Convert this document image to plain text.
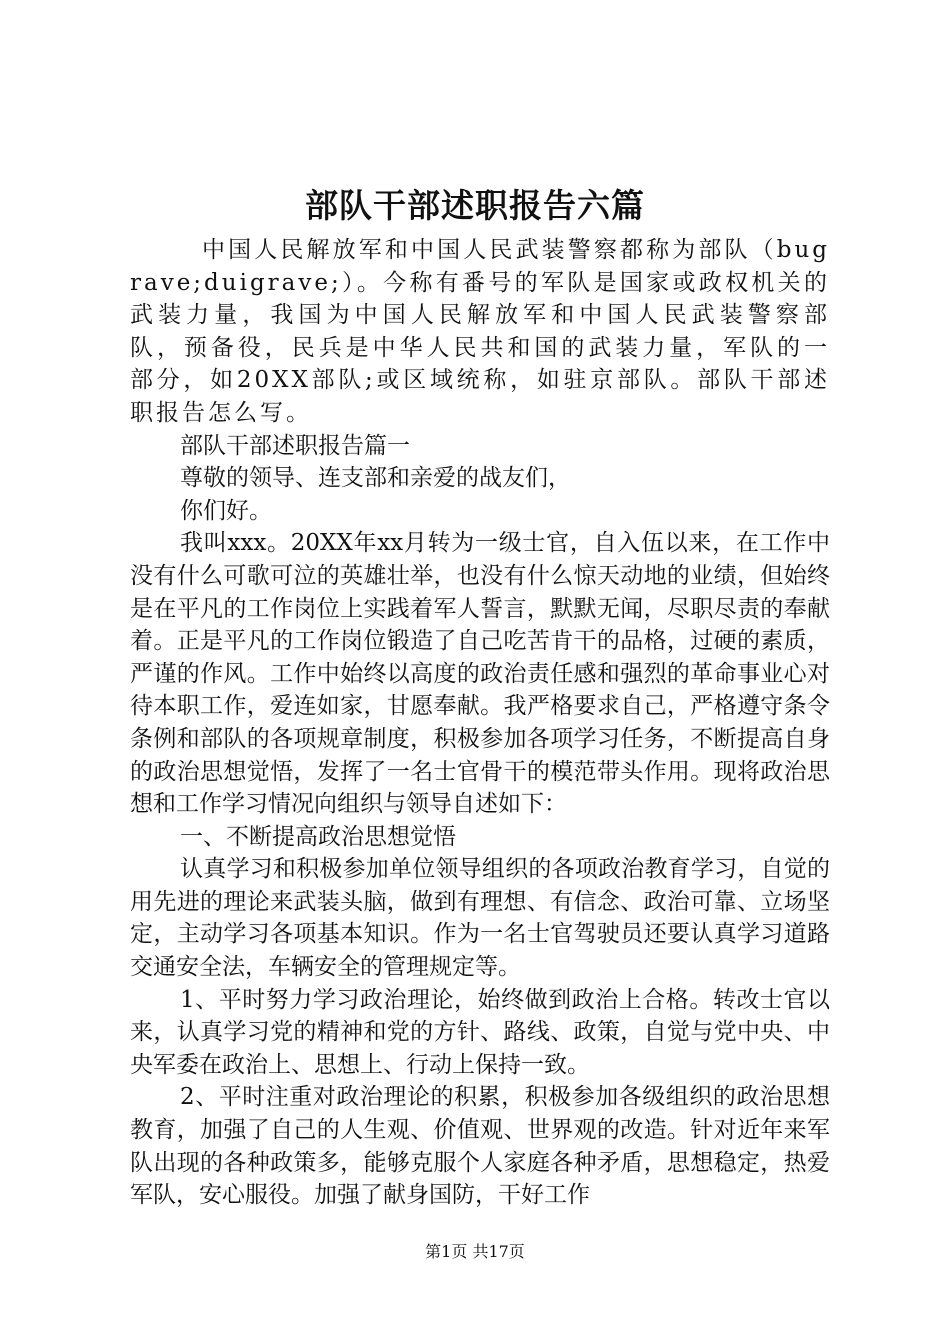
部队干部述职报告六篇

中国人民解放军和中国人民武装警察都称为部队（bugrave;duigrave;）。今称有番号的军队是国家或政权机关的武装力量，我国为中国人民解放军和中国人民武装警察部队，预备役，民兵是中华人民共和国的武装力量，军队的一部分，如20XX部队;或区域统称，如驻京部队。部队干部述职报告怎么写。

部队干部述职报告篇一

尊敬的领导、连支部和亲爱的战友们，

你们好。

我叫xxx。20XX年xx月转为一级士官，自入伍以来，在工作中没有什么可歌可泣的英雄壮举，也没有什么惊天动地的业绩，但始终是在平凡的工作岗位上实践着军人誓言，默默无闻，尽职尽责的奉献着。正是平凡的工作岗位锻造了自己吃苦肯干的品格，过硬的素质，严谨的作风。工作中始终以高度的政治责任感和强烈的革命事业心对待本职工作，爱连如家，甘愿奉献。我严格要求自己，严格遵守条令条例和部队的各项规章制度，积极参加各项学习任务，不断提高自身的政治思想觉悟，发挥了一名士官骨干的模范带头作用。现将政治思想和工作学习情况向组织与领导自述如下：

一、不断提高政治思想觉悟

认真学习和积极参加单位领导组织的各项政治教育学习，自觉的用先进的理论来武装头脑，做到有理想、有信念、政治可靠、立场坚定，主动学习各项基本知识。作为一名士官驾驶员还要认真学习道路交通安全法，车辆安全的管理规定等。

1、平时努力学习政治理论，始终做到政治上合格。转改士官以来，认真学习党的精神和党的方针、路线、政策，自觉与党中央、中央军委在政治上、思想上、行动上保持一致。

2、平时注重对政治理论的积累，积极参加各级组织的政治思想教育，加强了自己的人生观、价值观、世界观的改造。针对近年来军队出现的各种政策多，能够克服个人家庭各种矛盾，思想稳定，热爱军队，安心服役。加强了献身国防，干好工作

第1页 共17页
